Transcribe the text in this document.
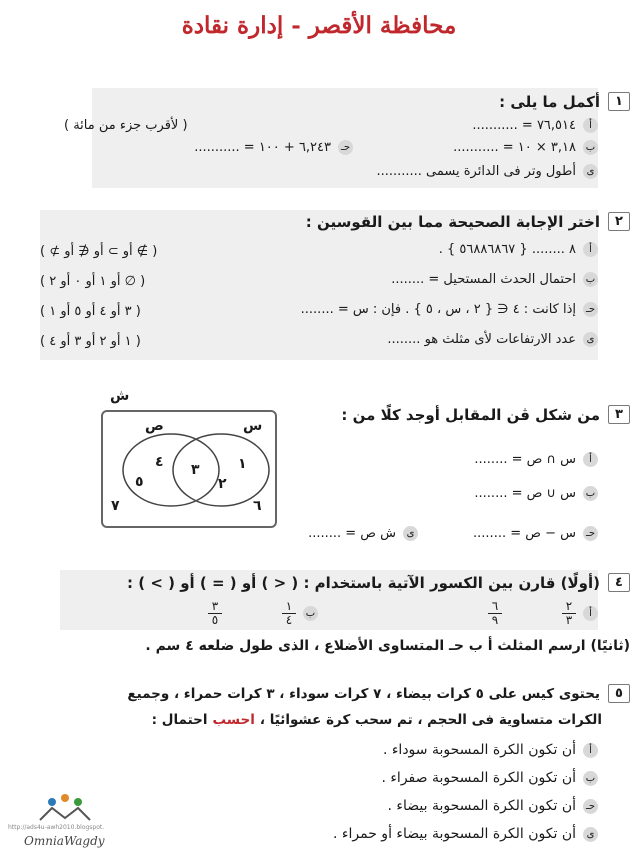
محافظة الأقصر - إدارة نقادة
١
أكمل ما يلى :
( لأقرب جزء من مائة )	أ
٧٦,٥١٤ = ...........
ب
٣,١٨ × ١٠ = ...........
حـ
٦,٢٤٣ + ١٠٠ = ...........
ى
أطول وتر فى الدائرة يسمى ...........
٢
اختر الإجابة الصحيحة مما بين القوسين :
أ
٨ ........ { ٥٦٨٨٦٨٦٧ } .
( ∌ أو ⊃ أو ∉ أو ⊅ )
ب
احتمال الحدث المستحيل = ........
( ∅ أو ١ أو ٠ أو ٢ )
حـ
إذا كانت : ٤ ∈ { ٢ ، س ، ٥ } . فإن : س = ........
( ٣ أو ٤ أو ٥ أو ١ )
ى
عدد الارتفاعات لأى مثلث هو ........
( ١ أو ٢ أو ٣ أو ٤ )
٣
من شكل ڤن المقابل أوجد كلًا من :
ش
ص	س
١
٢
٣
٤
٥
٧	٦
أ
س ∩ ص = ........
ب
س ∪ ص = ........
حـ
س − ص = ........
ى
ش ص = ........
٤
(أولًا) قارن بين الكسور الآتية باستخدام : ( < ) أو ( = ) أو ( > ) :
أ
$\frac{٢}{٣}$
$\frac{٦}{٩}$
ب
$\frac{١}{٤}$
$\frac{٣}{٥}$
(ثانيًا) ارسم المثلث أ ب حـ المتساوى الأضلاع ، الذى طول ضلعه ٤ سم .
٥
يحتوى كيس على ٥ كرات بيضاء ، ٧ كرات سوداء ، ٣ كرات حمراء ، وجميع
الكرات متساوية فى الحجم ، تم سحب كرة عشوائيًا ،
احسب
احتمال :
أ
أن تكون الكرة المسحوبة سوداء .
ب
أن تكون الكرة المسحوبة صفراء .
حـ
أن تكون الكرة المسحوبة بيضاء .
ى
أن تكون الكرة المسحوبة بيضاء أو حمراء .
http://ads4u-awh2010.blogspot.
OmniaWagdy
